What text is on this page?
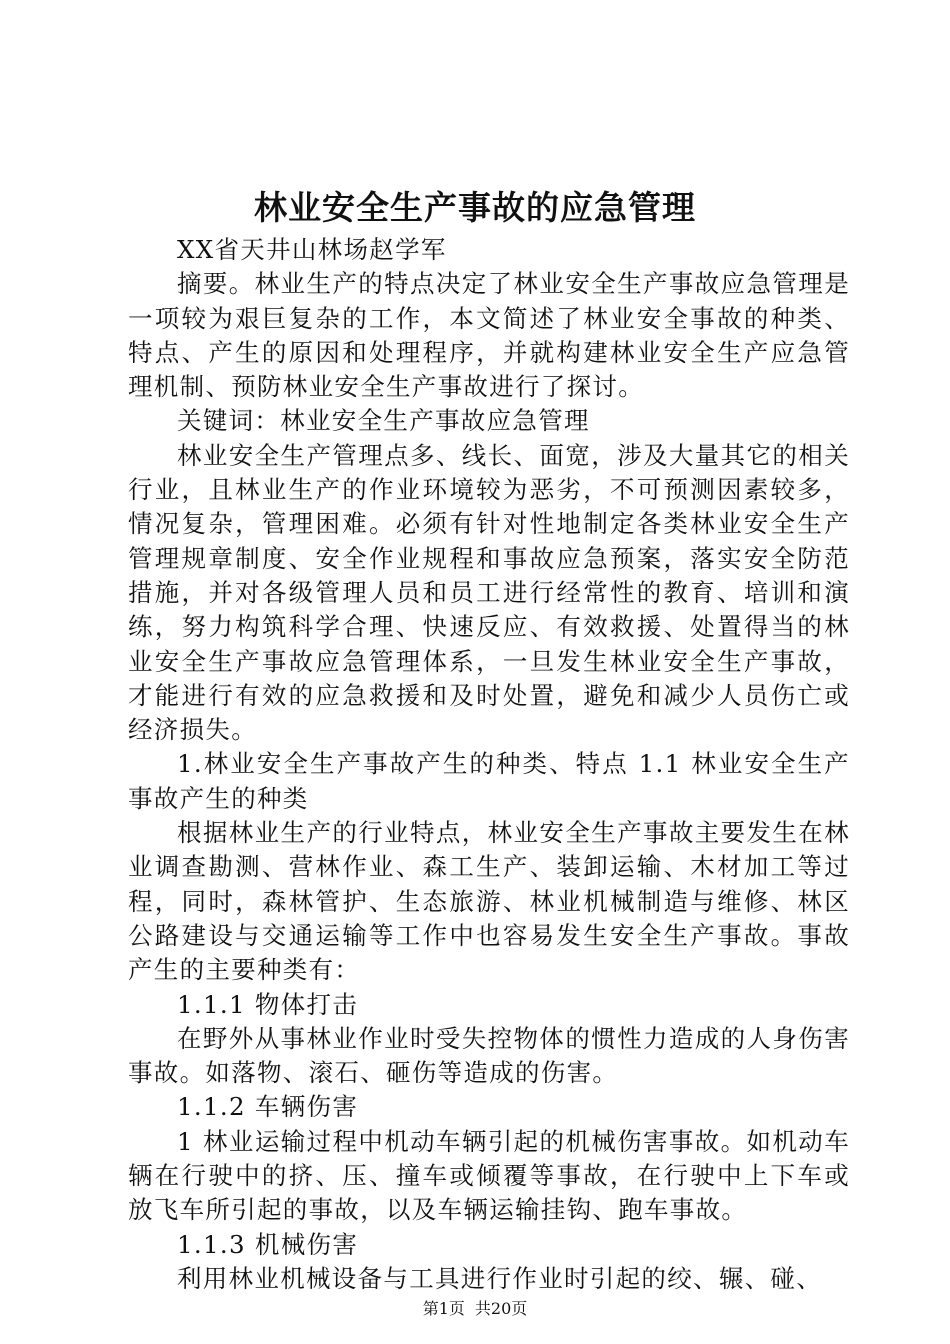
林业安全生产事故的应急管理

XX省天井山林场赵学军

摘要。林业生产的特点决定了林业安全生产事故应急管理是一项较为艰巨复杂的工作，本文简述了林业安全事故的种类、特点、产生的原因和处理程序，并就构建林业安全生产应急管理机制、预防林业安全生产事故进行了探讨。

关键词：林业安全生产事故应急管理

林业安全生产管理点多、线长、面宽，涉及大量其它的相关行业，且林业生产的作业环境较为恶劣，不可预测因素较多，情况复杂，管理困难。必须有针对性地制定各类林业安全生产管理规章制度、安全作业规程和事故应急预案，落实安全防范措施，并对各级管理人员和员工进行经常性的教育、培训和演练，努力构筑科学合理、快速反应、有效救援、处置得当的林业安全生产事故应急管理体系，一旦发生林业安全生产事故，才能进行有效的应急救援和及时处置，避免和减少人员伤亡或经济损失。

1.林业安全生产事故产生的种类、特点 1.1 林业安全生产事故产生的种类

根据林业生产的行业特点，林业安全生产事故主要发生在林业调查勘测、营林作业、森工生产、装卸运输、木材加工等过程，同时，森林管护、生态旅游、林业机械制造与维修、林区公路建设与交通运输等工作中也容易发生安全生产事故。事故产生的主要种类有：

1.1.1 物体打击

在野外从事林业作业时受失控物体的惯性力造成的人身伤害事故。如落物、滚石、砸伤等造成的伤害。

1.1.2 车辆伤害

1 林业运输过程中机动车辆引起的机械伤害事故。如机动车辆在行驶中的挤、压、撞车或倾覆等事故，在行驶中上下车或放飞车所引起的事故，以及车辆运输挂钩、跑车事故。

1.1.3 机械伤害

利用林业机械设备与工具进行作业时引起的绞、辗、碰、

第1页 共20页
